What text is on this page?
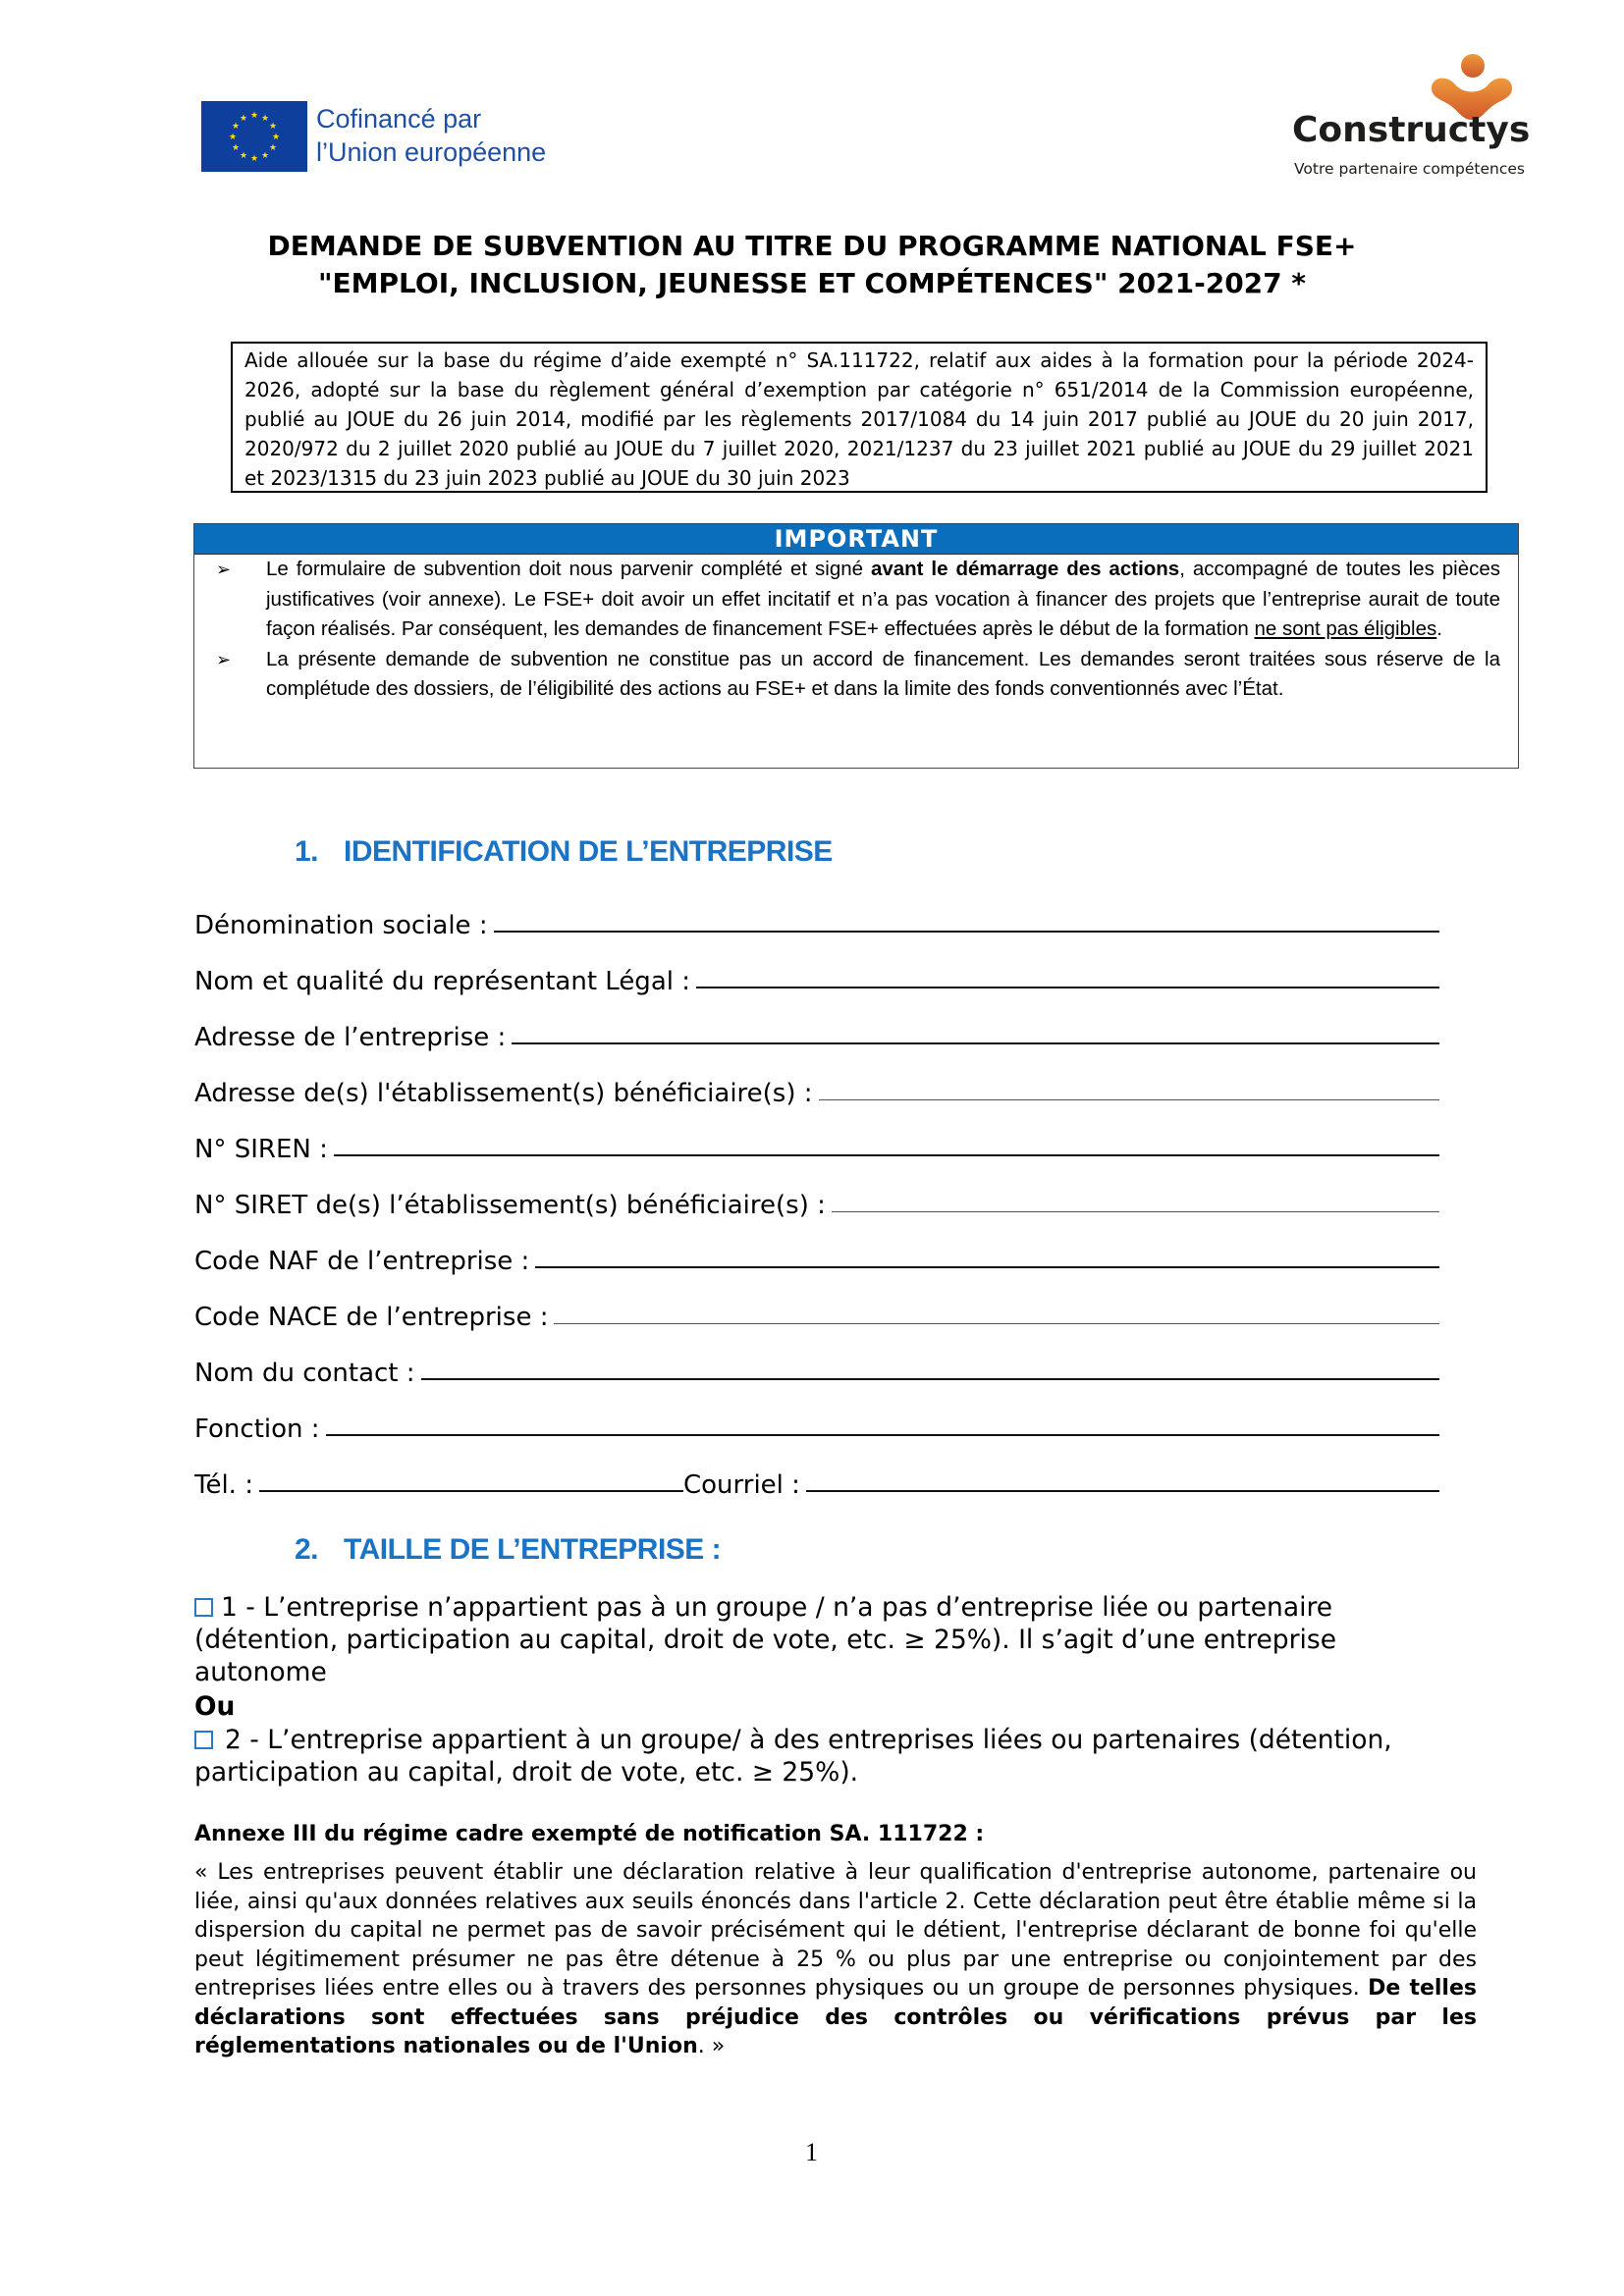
★ ★
★
★
★
★
★
★
★
★
★
★	Cofinancé par
l’Union européenne
Constructys
Votre partenaire compétences
DEMANDE DE SUBVENTION AU TITRE DU PROGRAMME NATIONAL FSE+
"EMPLOI, INCLUSION, JEUNESSE ET COMPÉTENCES" 2021-2027 *
Aide allouée sur la base du régime d’aide exempté n° SA.111722, relatif aux aides à la formation pour la période 2024-2026, adopté sur la base du règlement général d’exemption par catégorie n° 651/2014 de la Commission européenne, publié au JOUE du 26 juin 2014, modifié par les règlements 2017/1084 du 14 juin 2017 publié au JOUE du 20 juin 2017, 2020/972 du 2 juillet 2020 publié au JOUE du 7 juillet 2020, 2021/1237 du 23 juillet 2021 publié au JOUE du 29 juillet 2021 et 2023/1315 du 23 juin 2023 publié au JOUE du 30 juin 2023
IMPORTANT
➢ Le formulaire de subvention doit nous parvenir complété et signé avant le démarrage des actions, accompagné de toutes les pièces justificatives (voir annexe). Le FSE+ doit avoir un effet incitatif et n’a pas vocation à financer des projets que l’entreprise aurait de toute façon réalisés. Par conséquent, les demandes de financement FSE+ effectuées après le début de la formation ne sont pas éligibles.
➢ La présente demande de subvention ne constitue pas un accord de financement. Les demandes seront traitées sous réserve de la complétude des dossiers, de l’éligibilité des actions au FSE+ et dans la limite des fonds conventionnés avec l’État.
1. IDENTIFICATION DE L’ENTREPRISE
Dénomination sociale :
Nom et qualité du représentant Légal :
Adresse de l’entreprise :
Adresse de(s) l'établissement(s) bénéficiaire(s) :
N° SIREN :
N° SIRET de(s) l’établissement(s) bénéficiaire(s) :
Code NAF de l’entreprise :
Code NACE de l’entreprise :
Nom du contact :
Fonction :
Tél. :	Courriel :
2. TAILLE DE L’ENTREPRISE :
1 - L’entreprise n’appartient pas à un groupe / n’a pas d’entreprise liée ou partenaire (détention, participation au capital, droit de vote, etc. ≥ 25%). Il s’agit d’une entreprise autonome
Ou
2 - L’entreprise appartient à un groupe/ à des entreprises liées ou partenaires (détention, participation au capital, droit de vote, etc. ≥ 25%).
Annexe III du régime cadre exempté de notification SA. 111722 :
« Les entreprises peuvent établir une déclaration relative à leur qualification d'entreprise autonome, partenaire ou liée, ainsi qu'aux données relatives aux seuils énoncés dans l'article 2. Cette déclaration peut être établie même si la dispersion du capital ne permet pas de savoir précisément qui le détient, l'entreprise déclarant de bonne foi qu'elle peut légitimement présumer ne pas être détenue à 25 % ou plus par une entreprise ou conjointement par des entreprises liées entre elles ou à travers des personnes physiques ou un groupe de personnes physiques. De telles déclarations sont effectuées sans préjudice des contrôles ou vérifications prévus par les réglementations nationales ou de l'Union. »
1
